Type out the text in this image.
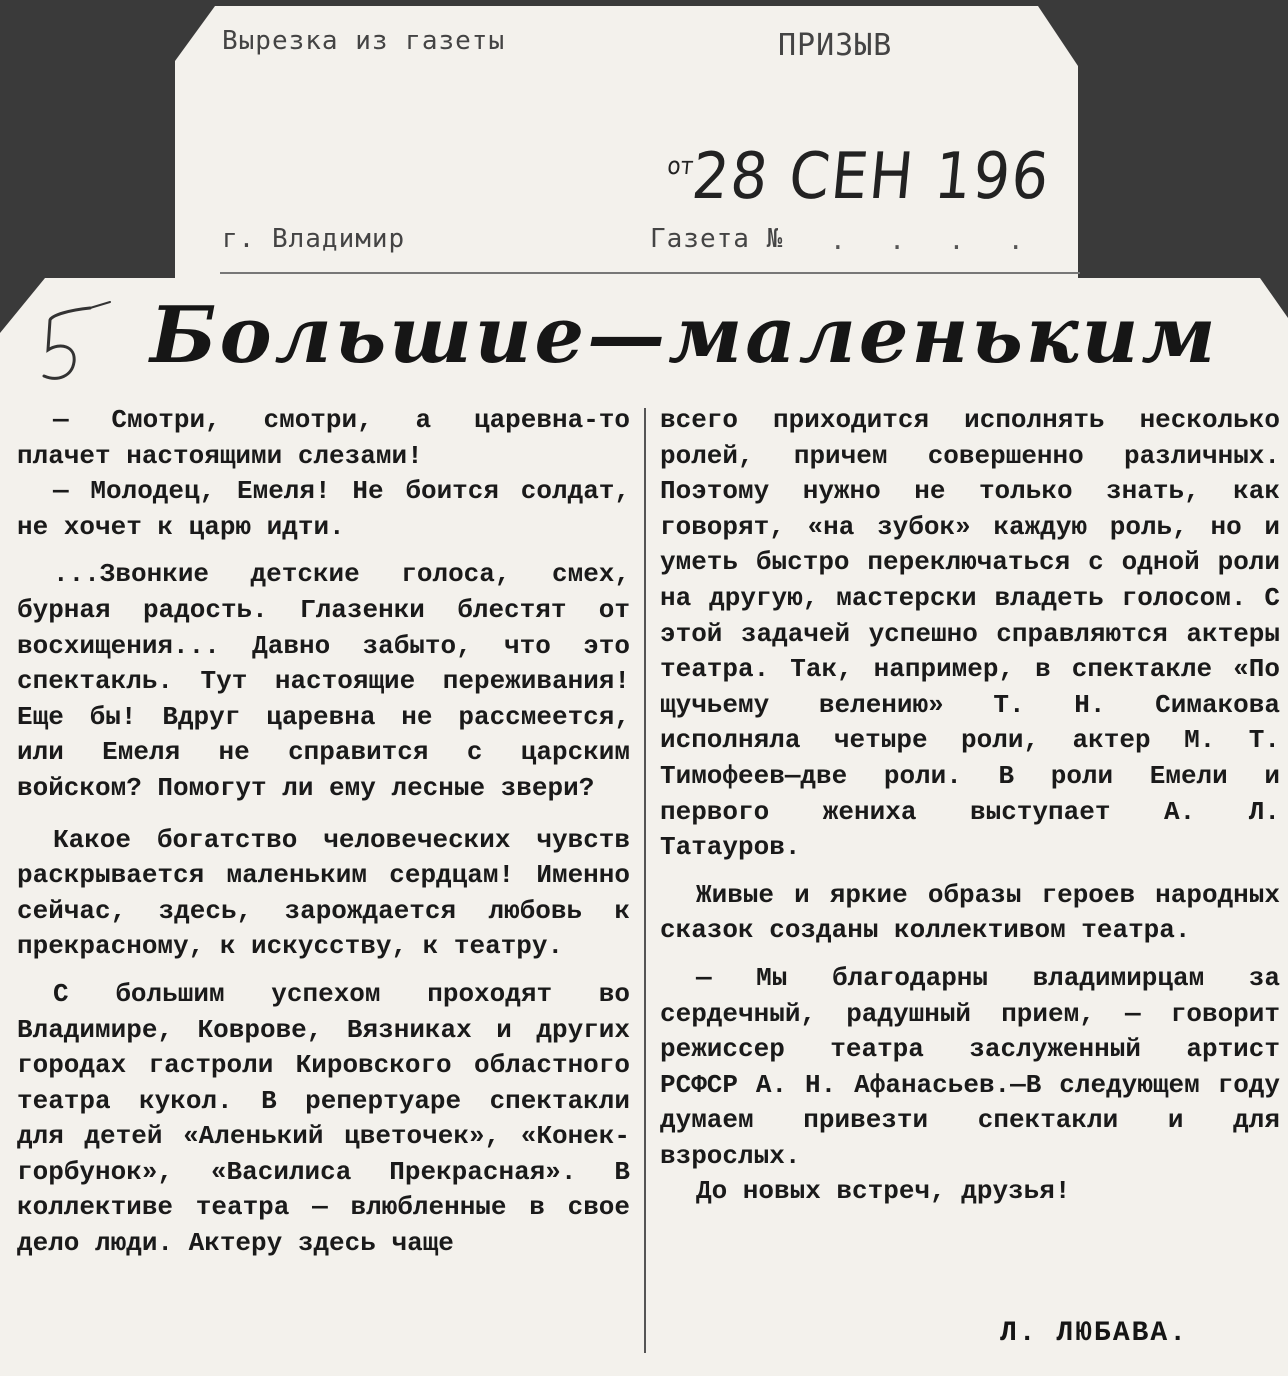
Вырезка из газеты	ПРИЗЫВ
$^{от}$28 СЕН 196
г. Владимир	Газета № . . . .
Большие—маленьким

— Смотри, смотри, а царевна-то плачет настоящими слезами!

— Молодец, Емеля! Не боится солдат, не хочет к царю идти.

...Звонкие детские голоса, смех, бурная радость. Глазенки блестят от восхищения... Давно забыто, что это спектакль. Тут настоящие переживания! Еще бы! Вдруг царевна не рассмеется, или Емеля не справится с царским войском? Помогут ли ему лесные звери?

Какое богатство человеческих чувств раскрывается маленьким сердцам! Именно сейчас, здесь, зарождается любовь к прекрасному, к искусству, к театру.

С большим успехом проходят во Владимире, Коврове, Вязниках и других городах гастроли Кировского областного театра кукол. В репертуаре спектакли для детей «Аленький цветочек», «Конек-горбунок», «Василиса Прекрасная». В коллективе театра — влюбленные в свое дело люди. Актеру здесь чаще

всего приходится исполнять несколько ролей, причем совершенно различных. Поэтому нужно не только знать, как говорят, «на зубок» каждую роль, но и уметь быстро переключаться с одной роли на другую, мастерски владеть голосом. С этой задачей успешно справляются актеры театра. Так, например, в спектакле «По щучьему велению» Т. Н. Симакова исполняла четыре роли, актер М. Т. Тимофеев—две роли. В роли Емели и первого жениха выступает А. Л. Татауров.

Живые и яркие образы героев народных сказок созданы коллективом театра.

— Мы благодарны владимирцам за сердечный, радушный прием, — говорит режиссер театра заслуженный артист РСФСР А. Н. Афанасьев.—В следующем году думаем привезти спектакли и для взрослых.

До новых встреч, друзья!

Л. ЛЮБАВА.
